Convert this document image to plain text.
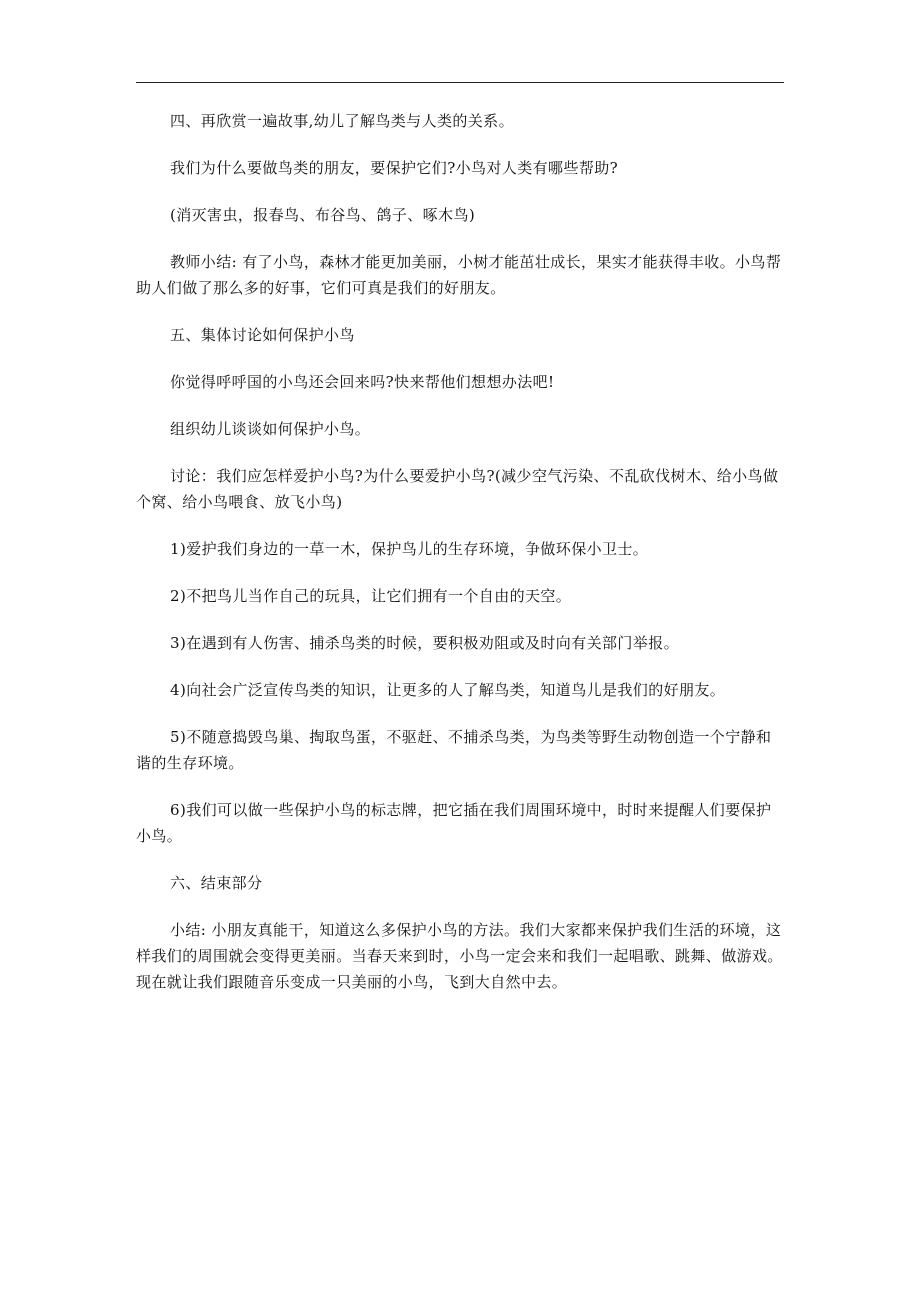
四、再欣赏一遍故事,幼儿了解鸟类与人类的关系。

我们为什么要做鸟类的朋友，要保护它们?小鸟对人类有哪些帮助?

(消灭害虫，报春鸟、布谷鸟、鸽子、啄木鸟)

教师小结: 有了小鸟，森林才能更加美丽，小树才能茁壮成长，果实才能获得丰收。小鸟帮助人们做了那么多的好事，它们可真是我们的好朋友。

五、集体讨论如何保护小鸟

你觉得呼呼国的小鸟还会回来吗?快来帮他们想想办法吧!

组织幼儿谈谈如何保护小鸟。

讨论：我们应怎样爱护小鸟?为什么要爱护小鸟?(减少空气污染、不乱砍伐树木、给小鸟做个窝、给小鸟喂食、放飞小鸟)

1)爱护我们身边的一草一木，保护鸟儿的生存环境，争做环保小卫士。

2)不把鸟儿当作自己的玩具，让它们拥有一个自由的天空。

3)在遇到有人伤害、捕杀鸟类的时候，要积极劝阻或及时向有关部门举报。

4)向社会广泛宣传鸟类的知识，让更多的人了解鸟类，知道鸟儿是我们的好朋友。

5)不随意捣毁鸟巢、掏取鸟蛋，不驱赶、不捕杀鸟类，为鸟类等野生动物创造一个宁静和谐的生存环境。

6)我们可以做一些保护小鸟的标志牌，把它插在我们周围环境中，时时来提醒人们要保护小鸟。

六、结束部分

小结: 小朋友真能干，知道这么多保护小鸟的方法。我们大家都来保护我们生活的环境，这样我们的周围就会变得更美丽。当春天来到时，小鸟一定会来和我们一起唱歌、跳舞、做游戏。现在就让我们跟随音乐变成一只美丽的小鸟，飞到大自然中去。
